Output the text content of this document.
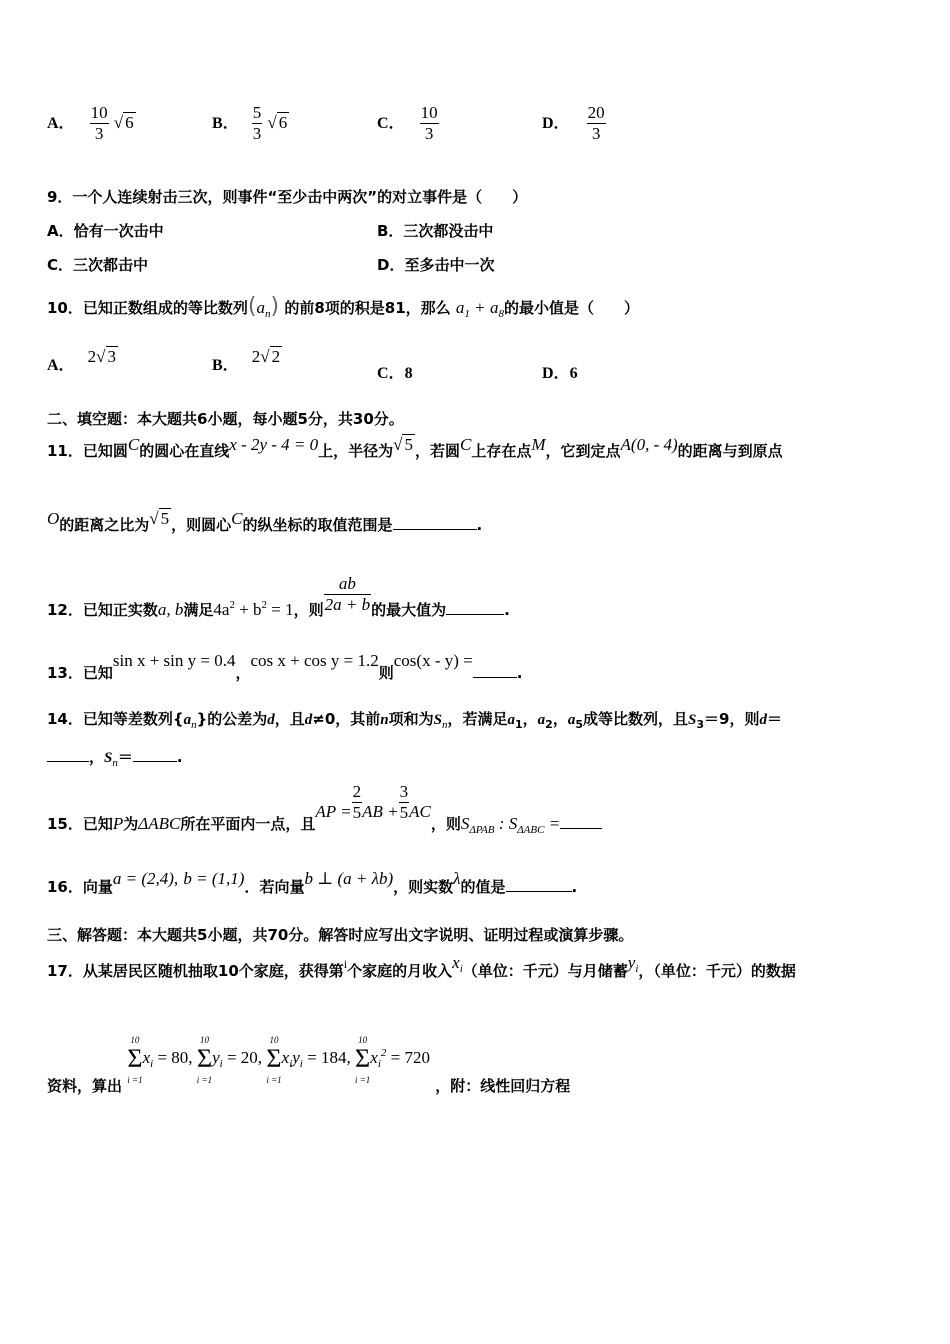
A． $\frac{10}{3}$ √ 6	B． $\frac{5}{3}$ √ 6	C． $\frac{10}{3}$	D． $\frac{20}{3}$
9．一个人连续射击三次，则事件“至少击中两次”的对立事件是（　　）
A．恰有一次击中	B．三次都没击中
C．三次都击中	D．至多击中一次
10．已知正数组成的等比数列$(a_n)$ 的前8项的积是81，那么 $a_1 + a_8$的最小值是（　　）
A． 2√ 3	B． 2√ 2
C．8	D．6
二、填空题：本大题共6小题，每小题5分，共30分。
11．已知圆C的圆心在直线x - 2y - 4 = 0上，半径为√ 5 ，若圆C上存在点M，它到定点A(0, - 4)的距离与到原点
O的距离之比为√ 5 ，则圆心C的纵坐标的取值范围是	.
12．已知正实数a, b满足$4a^2 + b^2 = 1$，则 $\frac{ab}{2a + b}$ 的最大值为	.
13．已知sin x + sin y = 0.4，cos x + cos y = 1.2则cos(x - y) =.
14．已知等差数列$\{a_n\}$的公差为d，且d≠0，其前n项和为$S_n$，若满足$a_1$，$a_2$，$a_5$成等比数列，且$S_3=9$，则d＝
，$S_n=$	.
15．已知P为ΔABC所在平面内一点，且AP = $\frac{2}{5}$ AB + $\frac{3}{5}$ AC，则$S_{\Delta PAB}$ : $S_{\Delta ABC}$ =
16．向量a = (2,4), b = (1,1)．若向量b ⊥ (a + λb)，则实数λ的值是	.
三、解答题：本大题共5小题，共70分。解答时应写出文字说明、证明过程或演算步骤。
17．从某居民区随机抽取10个家庭，获得第$^i$个家庭的月收入$x_i$（单位：千元）与月储蓄$y_i$，（单位：千元）的数据
资料，算出 10
Σ
$i =1x_i = 80$, 10
Σ
$i =1y_i = 20$, 10
Σ
$i =1x_iy_i = 184$, 10
Σ
$i =1x_i^2 = 720$ ，附：线性回归方程
